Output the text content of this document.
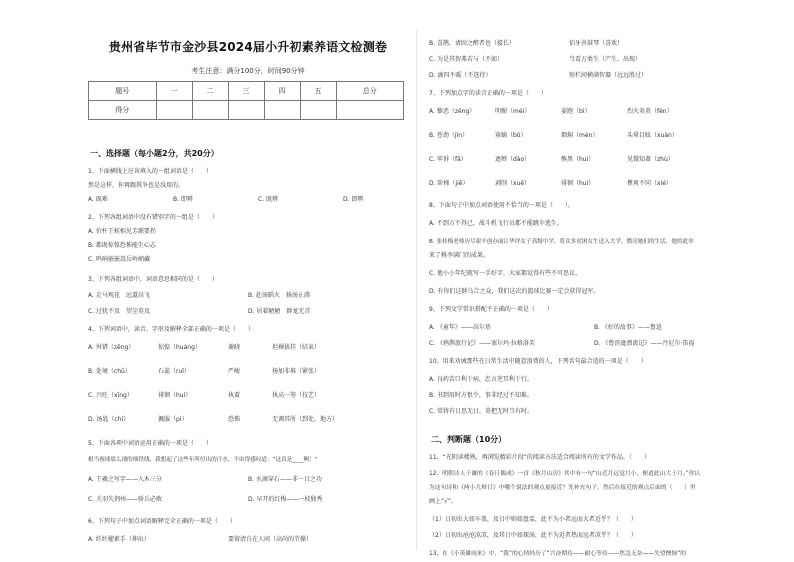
贵州省毕节市金沙县2024届小升初素养语文检测卷
考生注意：满分100分，时间90分钟
题号	一	二	三	四	五	总分
得分						
一、选择题（每小题2分，共20分）
1、下面横线上应该填入的一组词语是（　　）
然是这样，你再跟我争也是没用的。
A. 既难	B. 即辨	C. 既辨	D. 即辨
2、下列各组词语中没有错别字的一组是（　　）
A. 价杆王候相见芳源要拐
B. 都既惊惶恐怖能生心志
C. 鸣响嵌嵌嵩岳岭峭藏
3、下列各组词语中，词语意思相同的是（　　）
A. 走马观花　远道高飞	B. 赴汤蹈火　扬汤止沸
C. 过犹不及　望尘莫及	D. 居着陋陋　群龙无首
4、下列词语中，读音、字形及解释全部正确的一项是（　　）
A. 舛错（zēng）	惊惶（huáng）	谢晓	坦裸拔挂（结束）
B. 处境（chǔ）	石蕊（ruǐ）	严峻	扬加非堆（紧张）
C. 兴旺（xīng）	徘徊（huí）	执着	执高一筹（技艺）
D. 汤匙（chí）	佩服（pì）	恐怖	无调其所（到处，地方）
5、下面各项中词语运用正确的一项是（　　）
根当视球那么细的细铁线，我想起了这些年所付出的汗水，不由得感叹道：“这真是____啊！”
A. 王羲之写字——入木三分	B. 水滴穿石——非一日之功
C. 关羽失荆州——骄兵必败	D. 早开的红梅——一枝独秀
6、下列句子中加点词语解释完全正确的一项是（　　）
A. 纤纤擢素手（伸出）	要留清白在人间（高尚的节操）
B. 喜鹊，请固之醉者也（接长）	佰牙善鼓琴（喜欢）
C. 为是其智弗若与（不如）	当看万类生（产生，出现）
D. 滴四不暖（不连待）	短栏间横满智器（远远胜过）
7、下列加点字的读音正确的一项是（　　）
A. 藜恶（zěng）	明媚（méi）	耍跑（bì）	烈火炎炎（fén）
B. 苍劲（jìn）	寡嫡（bō）	烟焖（mén）	头晕目眩（xuàn）
C. 牢诉（fā）	遮蝉（dào）	熊黑（huì）	见微知著（zhù）
D. 阶梯（jiē）	剥削（xuē）	徘徊（huí）	瞿爽不同（xié）
8、下面句子中加点词语使用不恰当的一项是（　　）。
A. 不到万不得已，战斗机飞行员都不能跳伞逃生。
B. 张桂梅老师历尽艰辛创办丽江华坪女子高级中学，将众多贫困女生送入大学，燃亮她们的生活，她的此举
来了桃李满门的成果。
C. 他小小年纪就写一手好字，大家都觉得有些不可思议。
D. 有你们这群乌合之众，我们这次的篮球比赛一定会获得冠军。
9、下列文学常识搭配不正确的一项是（　　）
A. 《童年》——高尔基	B. 《好的故事》——鲁迅
C. 《鸦鹊旅行记》——塞尔玛·拉格洛芙	D. 《鲁滨逊漂流记》——丹尼尔·笛福
10、用来劝诫那些在日常生活中随意浪费的人，下列名句最合适的一项是（　　）
A. 良药苦口利于病，忠言逆耳利于行。
B. 书到用时方恨少，事非经过不知难。
C. 常将有日思无日，莫把无时当有时。
二、判断题（10分）
11、“光阴读楼熟，再浏览精彩片段”的阅读方法适合阅读所有的文学作品。（　　）
12、明朝诗人于谦的《春日偶成》一首《秋月山房》其中有一句“山近月远觉月小，便道此山大于月。”你认
为这句诗和《两小儿辩日》中哪个说法的观点更接近？先补充句子，然后在接近的观点后面的（　　）里
画上“√”。
（1）日初出大如车盖，及日中则如盘盂，此不为小者远而大者近乎？（　　）
（2）日初出沧沧凉凉，及其日中如探汤，此不为近者热而远者凉乎？（　　）
13、在《小英雄雨来》中，“我”的心情经历了“兴奋期待——耐心等待——焦急无奈——失望懊恼”的
